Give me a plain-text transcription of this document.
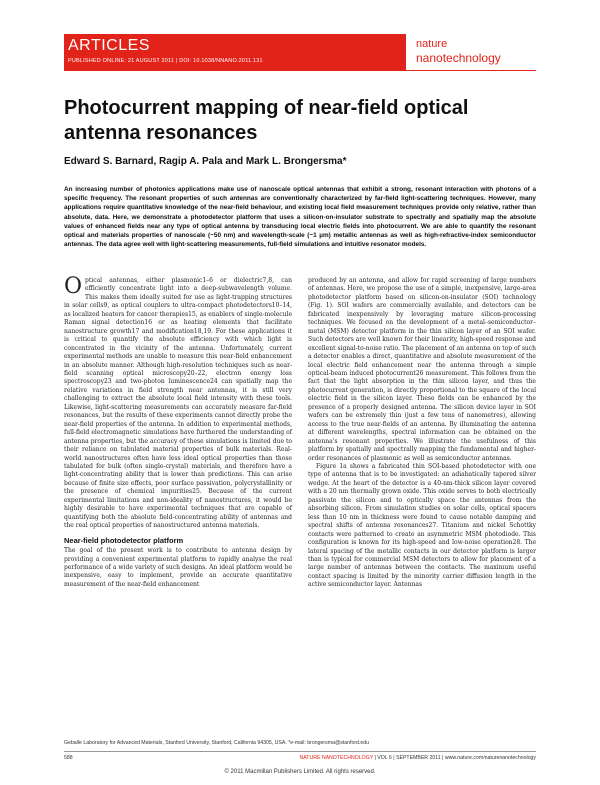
ARTICLES
PUBLISHED ONLINE: 21 AUGUST 2011 | DOI: 10.1038/NNANO.2011.131
nature
nanotechnology
Photocurrent mapping of near-field optical antenna resonances
Edward S. Barnard, Ragip A. Pala and Mark L. Brongersma*
An increasing number of photonics applications make use of nanoscale optical antennas that exhibit a strong, resonant interaction with photons of a specific frequency. The resonant properties of such antennas are conventionally characterized by far-field light-scattering techniques. However, many applications require quantitative knowledge of the near-field behaviour, and existing local field measurement techniques provide only relative, rather than absolute, data. Here, we demonstrate a photodetector platform that uses a silicon-on-insulator substrate to spectrally and spatially map the absolute values of enhanced fields near any type of optical antenna by transducing local electric fields into photocurrent. We are able to quantify the resonant optical and materials properties of nanoscale (~50 nm) and wavelength-scale (~1 µm) metallic antennas as well as high-refractive-index semiconductor antennas. The data agree well with light-scattering measurements, full-field simulations and intuitive resonator models.

Optical antennas, either plasmonic1–6 or dielectric7,8, can efficiently concentrate light into a deep-subwavelength volume. This makes them ideally suited for use as light-trapping structures in solar cells9, as optical couplers to ultra-compact photodetectors10–14, as localized heaters for cancer therapies15, as enablers of single-molecule Raman signal detection16 or as heating elements that facilitate nanostructure growth17 and modification18,19. For these applications it is critical to quantify the absolute efficiency with which light is concentrated in the vicinity of the antenna. Unfortunately, current experimental methods are unable to measure this near-field enhancement in an absolute manner. Although high-resolution techniques such as near-field scanning optical microscopy20–22, electron energy loss spectroscopy23 and two-photon luminescence24 can spatially map the relative variations in field strength near antennas, it is still very challenging to extract the absolute local field intensity with these tools. Likewise, light-scattering measurements can accurately measure far-field resonances, but the results of these experiments cannot directly probe the near-field properties of the antenna. In addition to experimental methods, full-field electromagnetic simulations have furthered the understanding of antenna properties, but the accuracy of these simulations is limited due to their reliance on tabulated material properties of bulk materials. Real-world nanostructures often have less ideal optical properties than those tabulated for bulk (often single-crystal) materials, and therefore have a light-concentrating ability that is lower than predictions. This can arise because of finite size effects, poor surface passivation, polycrystallinity or the presence of chemical impurities25. Because of the current experimental limitations and non-ideality of nanostructures, it would be highly desirable to have experimental techniques that are capable of quantifying both the absolute field-concentrating ability of antennas and the real optical properties of nanostructured antenna materials.

Near-field photodetector platform

The goal of the present work is to contribute to antenna design by providing a convenient experimental platform to rapidly analyse the real performance of a wide variety of such designs. An ideal platform would be inexpensive, easy to implement, provide an accurate quantitative measurement of the near-field enhancement

produced by an antenna, and allow for rapid screening of large numbers of antennas. Here, we propose the use of a simple, inexpensive, large-area photodetector platform based on silicon-on-insulator (SOI) technology (Fig. 1). SOI wafers are commercially available, and detectors can be fabricated inexpensively by leveraging mature silicon-processing techniques. We focused on the development of a metal–semiconductor–metal (MSM) detector platform in the thin silicon layer of an SOI wafer. Such detectors are well known for their linearity, high-speed response and excellent signal-to-noise ratio. The placement of an antenna on top of such a detector enables a direct, quantitative and absolute measurement of the local electric field enhancement near the antenna through a simple optical-beam induced photocurrent26 measurement. This follows from the fact that the light absorption in the thin silicon layer, and thus the photocurrent generation, is directly proportional to the square of the local electric field in the silicon layer. These fields can be enhanced by the presence of a properly designed antenna. The silicon device layer in SOI wafers can be extremely thin (just a few tens of nanometres), allowing access to the true near-fields of an antenna. By illuminating the antenna at different wavelengths, spectral information can be obtained on the antenna's resonant properties. We illustrate the usefulness of this platform by spatially and spectrally mapping the fundamental and higher-order resonances of plasmonic as well as semiconductor antennas.

Figure 1a shows a fabricated thin SOI-based photodetector with one type of antenna that is to be investigated: an adiabatically tapered silver wedge. At the heart of the detector is a 40-nm-thick silicon layer covered with a 20 nm thermally grown oxide. This oxide serves to both electrically passivate the silicon and to optically space the antennas from the absorbing silicon. From simulation studies on solar cells, optical spacers less than 10 nm in thickness were found to cause notable damping and spectral shifts of antenna resonances27. Titanium and nickel Schottky contacts were patterned to create an asymmetric MSM photodiode. This configuration is known for its high-speed and low-noise operation28. The lateral spacing of the metallic contacts in our detector platform is larger than is typical for commercial MSM detectors to allow for placement of a large number of antennas between the contacts. The maximum useful contact spacing is limited by the minority carrier diffusion length in the active semiconductor layer. Antennas

Geballe Laboratory for Advanced Materials, Stanford University, Stanford, California 94305, USA. *e-mail: brongersma@stanford.edu
588	NATURE NANOTECHNOLOGY | VOL 6 | SEPTEMBER 2011 | www.nature.com/naturenanotechnology
© 2011 Macmillan Publishers Limited. All rights reserved.
